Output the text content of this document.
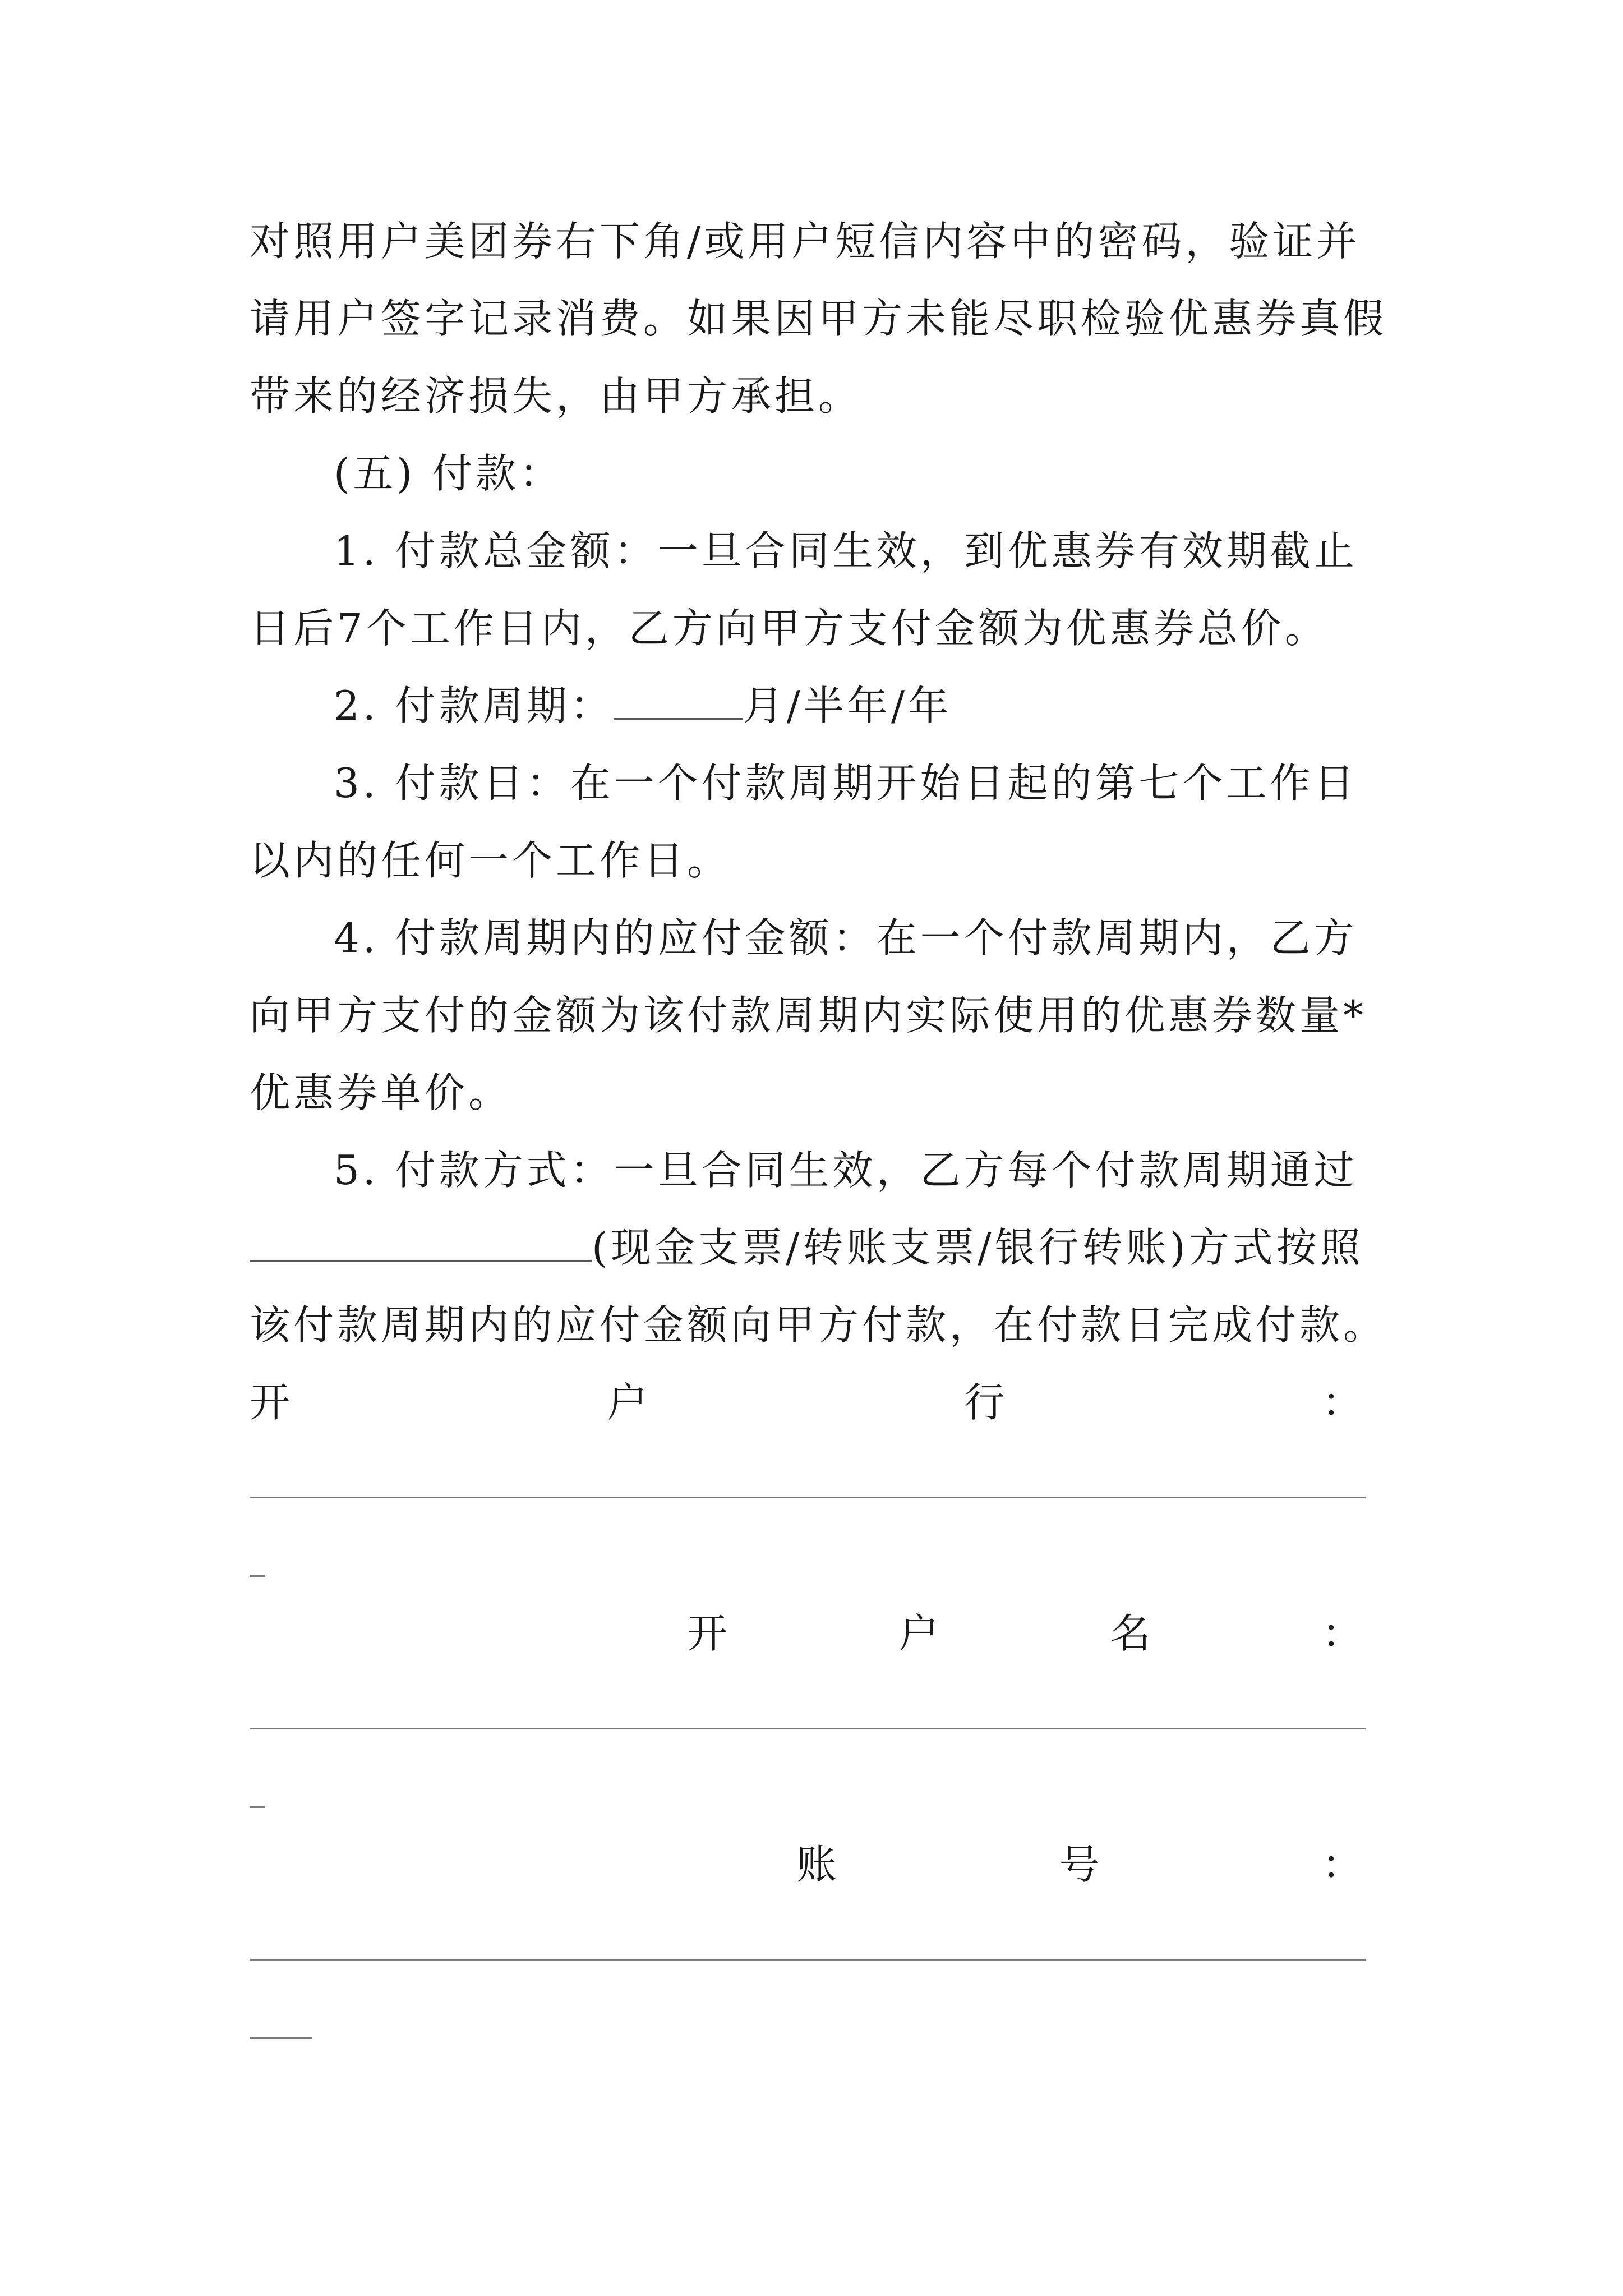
对照用户美团券右下角/或用户短信内容中的密码，验证并
请用户签字记录消费。如果因甲方未能尽职检验优惠券真假
带来的经济损失，由甲方承担。
(五) 付款：
1. 付款总金额：一旦合同生效，到优惠券有效期截止
日后7个工作日内，乙方向甲方支付金额为优惠券总价。
2. 付款周期：	月/半年/年
3. 付款日：在一个付款周期开始日起的第七个工作日
以内的任何一个工作日。
4. 付款周期内的应付金额：在一个付款周期内，乙方
向甲方支付的金额为该付款周期内实际使用的优惠券数量*
优惠券单价。
5. 付款方式：一旦合同生效，乙方每个付款周期通过
(现金支票/转账支票/银行转账)方式按照
该付款周期内的应付金额向甲方付款，在付款日完成付款。
开	户	行	：
开	户	名	：
账	号	：
